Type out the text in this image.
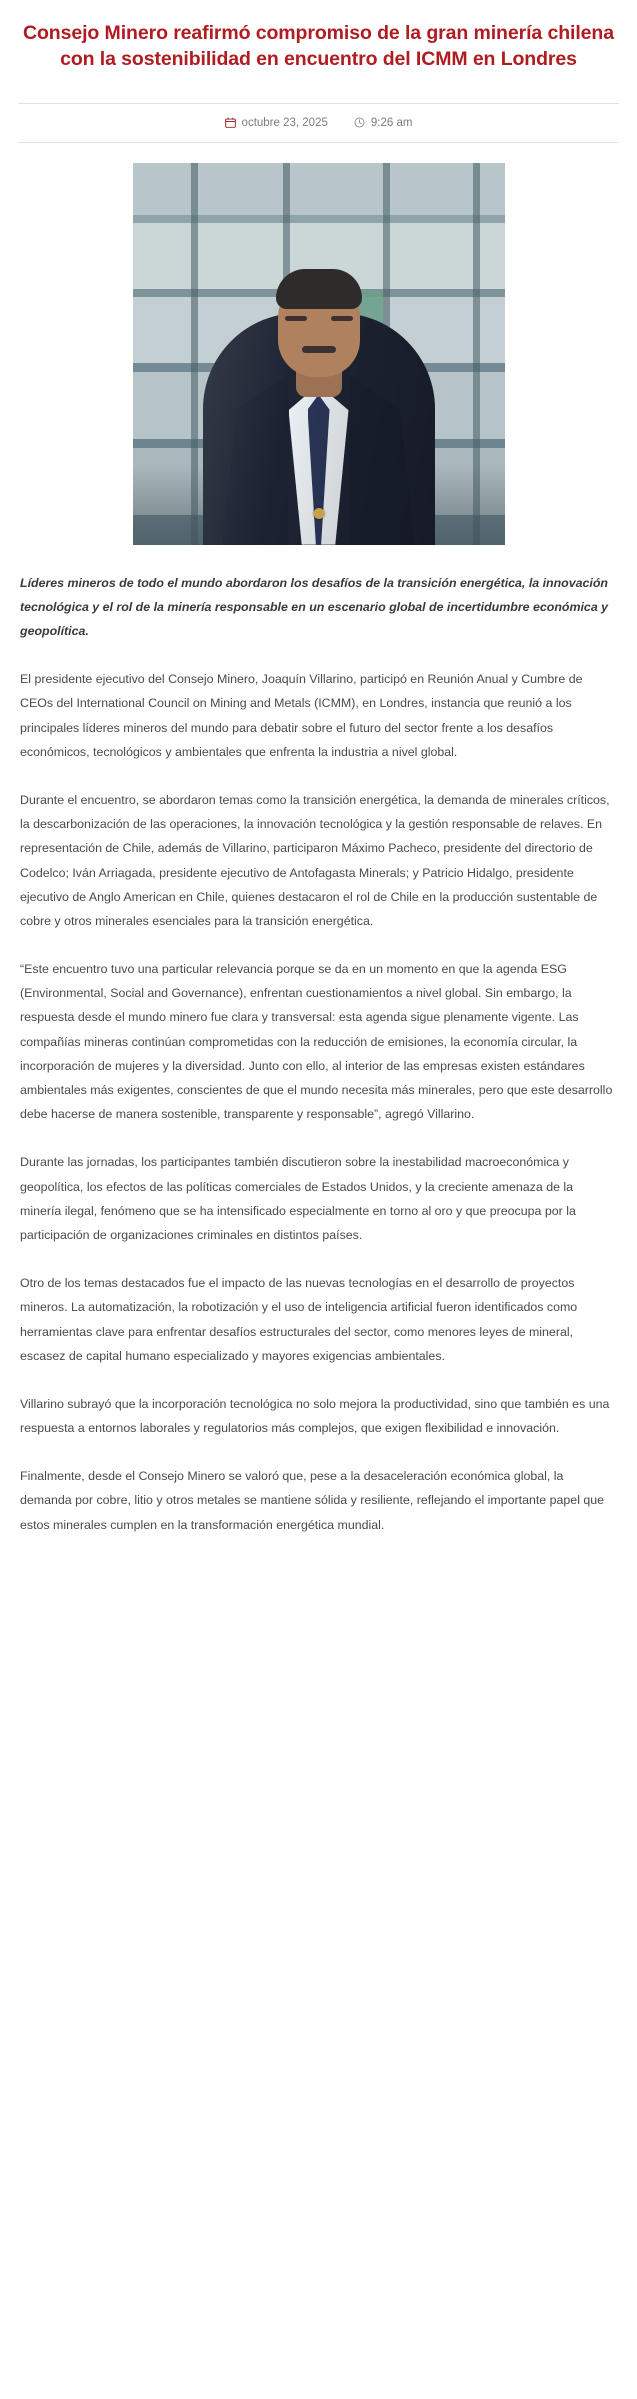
Consejo Minero reafirmó compromiso de la gran minería chilena con la sostenibilidad en encuentro del ICMM en Londres
octubre 23, 2025	9:26 am

Líderes mineros de todo el mundo abordaron los desafíos de la transición energética, la innovación tecnológica y el rol de la minería responsable en un escenario global de incertidumbre económica y geopolítica.

El presidente ejecutivo del Consejo Minero, Joaquín Villarino, participó en Reunión Anual y Cumbre de CEOs del International Council on Mining and Metals (ICMM), en Londres, instancia que reunió a los principales líderes mineros del mundo para debatir sobre el futuro del sector frente a los desafíos económicos, tecnológicos y ambientales que enfrenta la industria a nivel global.

Durante el encuentro, se abordaron temas como la transición energética, la demanda de minerales críticos, la descarbonización de las operaciones, la innovación tecnológica y la gestión responsable de relaves. En representación de Chile, además de Villarino, participaron Máximo Pacheco, presidente del directorio de Codelco; Iván Arriagada, presidente ejecutivo de Antofagasta Minerals; y Patricio Hidalgo, presidente ejecutivo de Anglo American en Chile, quienes destacaron el rol de Chile en la producción sustentable de cobre y otros minerales esenciales para la transición energética.

“Este encuentro tuvo una particular relevancia porque se da en un momento en que la agenda ESG (Environmental, Social and Governance), enfrentan cuestionamientos a nivel global. Sin embargo, la respuesta desde el mundo minero fue clara y transversal: esta agenda sigue plenamente vigente. Las compañías mineras continúan comprometidas con la reducción de emisiones, la economía circular, la incorporación de mujeres y la diversidad. Junto con ello, al interior de las empresas existen estándares ambientales más exigentes, conscientes de que el mundo necesita más minerales, pero que este desarrollo debe hacerse de manera sostenible, transparente y responsable”, agregó Villarino.

Durante las jornadas, los participantes también discutieron sobre la inestabilidad macroeconómica y geopolítica, los efectos de las políticas comerciales de Estados Unidos, y la creciente amenaza de la minería ilegal, fenómeno que se ha intensificado especialmente en torno al oro y que preocupa por la participación de organizaciones criminales en distintos países.

Otro de los temas destacados fue el impacto de las nuevas tecnologías en el desarrollo de proyectos mineros. La automatización, la robotización y el uso de inteligencia artificial fueron identificados como herramientas clave para enfrentar desafíos estructurales del sector, como menores leyes de mineral, escasez de capital humano especializado y mayores exigencias ambientales.

Villarino subrayó que la incorporación tecnológica no solo mejora la productividad, sino que también es una respuesta a entornos laborales y regulatorios más complejos, que exigen flexibilidad e innovación.

Finalmente, desde el Consejo Minero se valoró que, pese a la desaceleración económica global, la demanda por cobre, litio y otros metales se mantiene sólida y resiliente, reflejando el importante papel que estos minerales cumplen en la transformación energética mundial.
